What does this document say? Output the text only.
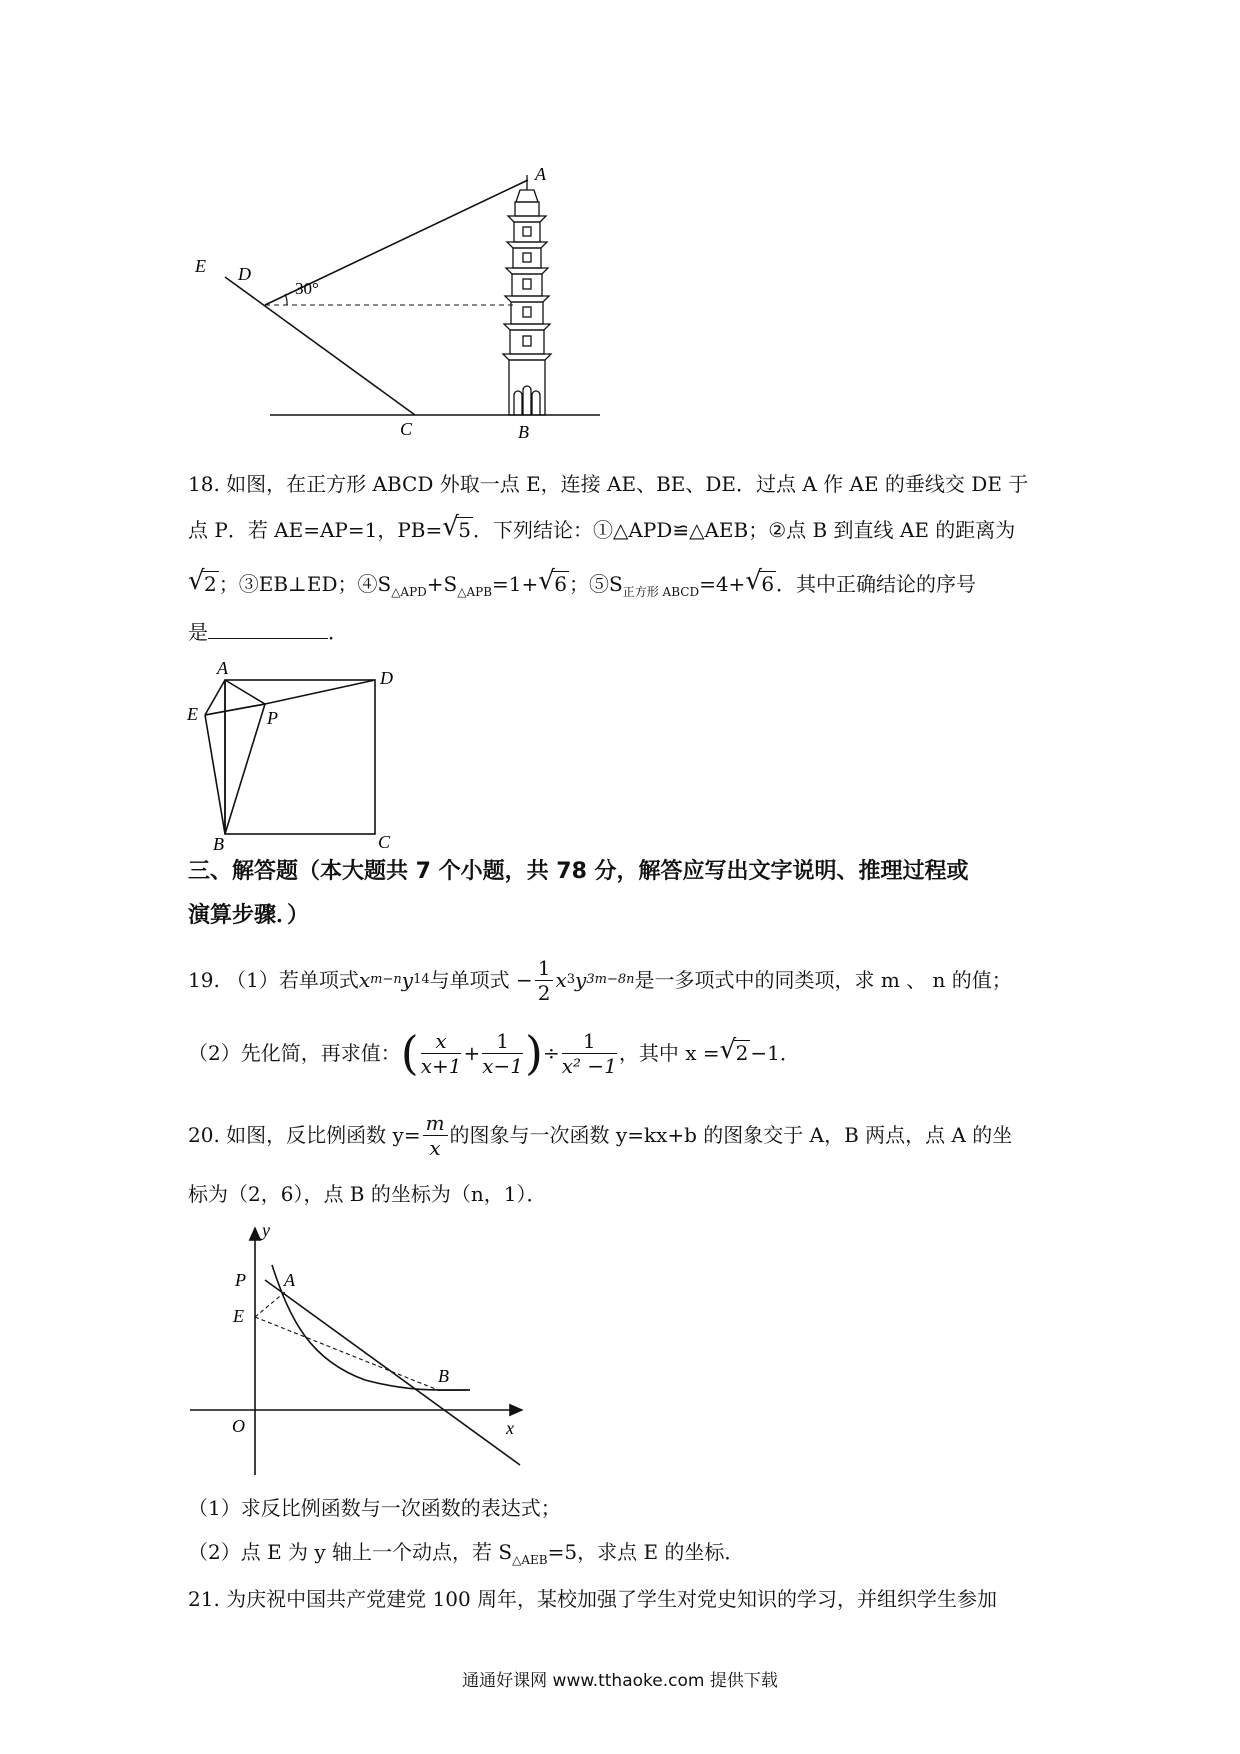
A
B
C
D
E
30°
18. 如图，在正方形 ABCD 外取一点 E，连接 AE、BE、DE．过点 A 作 AE 的垂线交 DE 于
点 P．若 AE=AP=1，PB=√ 5 ．下列结论：①△APD≌△AEB；②点 B 到直线 AE 的距离为
√ 2 ；③EB⊥ED；$④S_{\triangle APD}+S_{\triangle APB}=1+√$ 6 ；$⑤S_{正方形 ABCD}=4+√$ 6 ．其中正确结论的序号
是	．
A	D
E	P
B	C
三、解答题（本大题共 7 个小题，共 78 分，解答应写出文字说明、推理过程或
演算步骤．）
19. （1）若单项式 x m−n y 14 与单项式 − $\frac{1}{2}$ x 3 y 3m−8n 是一多项式中的同类项，求 m 、 n 的值；
（2）先化简，再求值： ( $\frac{x}{x+1} + \frac{1}{x-1}$ ) ÷ $\frac{1}{\text{x² −1}}$ ，其中 x =
√ 2 −1．
20. 如图，反比例函数 $y= \frac{m}{x}$ 的图象与一次函数 y=kx+b 的图象交于 A，B 两点，点 A 的坐
标为（2，6），点 B 的坐标为（n，1）．
y
x
O
P A
E
B
（1）求反比例函数与一次函数的表达式；
（2）点 E 为 y 轴上一个动点，若 $S_{\triangle AEB}=5$，求点 E 的坐标．
21. 为庆祝中国共产党建党 100 周年，某校加强了学生对党史知识的学习，并组织学生参加
通通好课网 www.tthaoke.com 提供下载
